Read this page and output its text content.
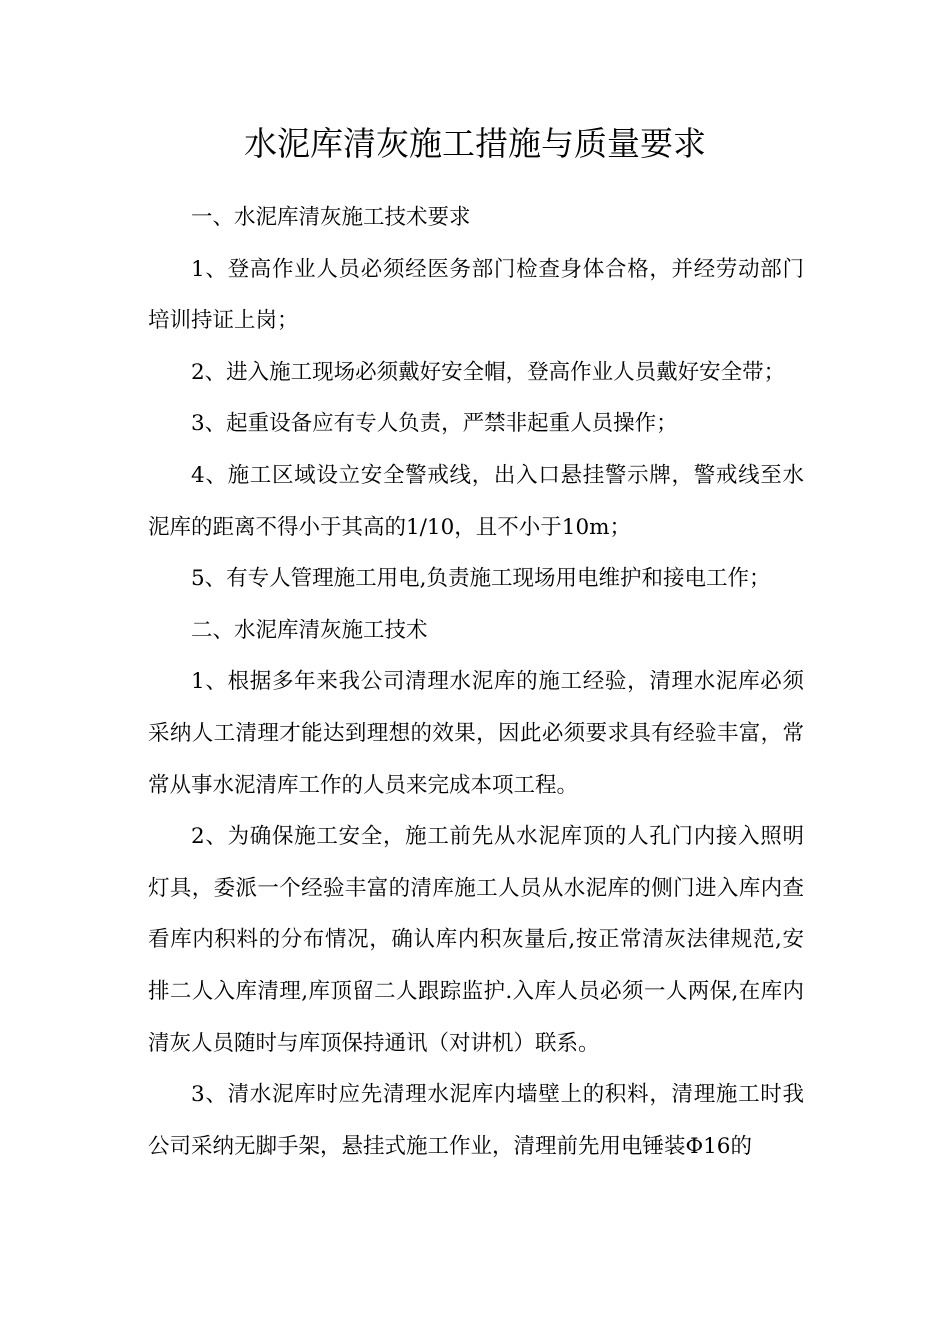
水泥库清灰施工措施与质量要求

一、水泥库清灰施工技术要求

1、登高作业人员必须经医务部门检查身体合格，并经劳动部门培训持证上岗；

2、进入施工现场必须戴好安全帽，登高作业人员戴好安全带；

3、起重设备应有专人负责，严禁非起重人员操作；

4、施工区域设立安全警戒线，出入口悬挂警示牌，警戒线至水泥库的距离不得小于其高的1/10，且不小于10m；

5、有专人管理施工用电,负责施工现场用电维护和接电工作；

二、水泥库清灰施工技术

1、根据多年来我公司清理水泥库的施工经验，清理水泥库必须采纳人工清理才能达到理想的效果，因此必须要求具有经验丰富，常常从事水泥清库工作的人员来完成本项工程。

2、为确保施工安全，施工前先从水泥库顶的人孔门内接入照明灯具，委派一个经验丰富的清库施工人员从水泥库的侧门进入库内查看库内积料的分布情况，确认库内积灰量后,按正常清灰法律规范,安排二人入库清理,库顶留二人跟踪监护.入库人员必须一人两保,在库内清灰人员随时与库顶保持通讯（对讲机）联系。

3、清水泥库时应先清理水泥库内墙壁上的积料，清理施工时我公司采纳无脚手架，悬挂式施工作业，清理前先用电锤装Φ16的
